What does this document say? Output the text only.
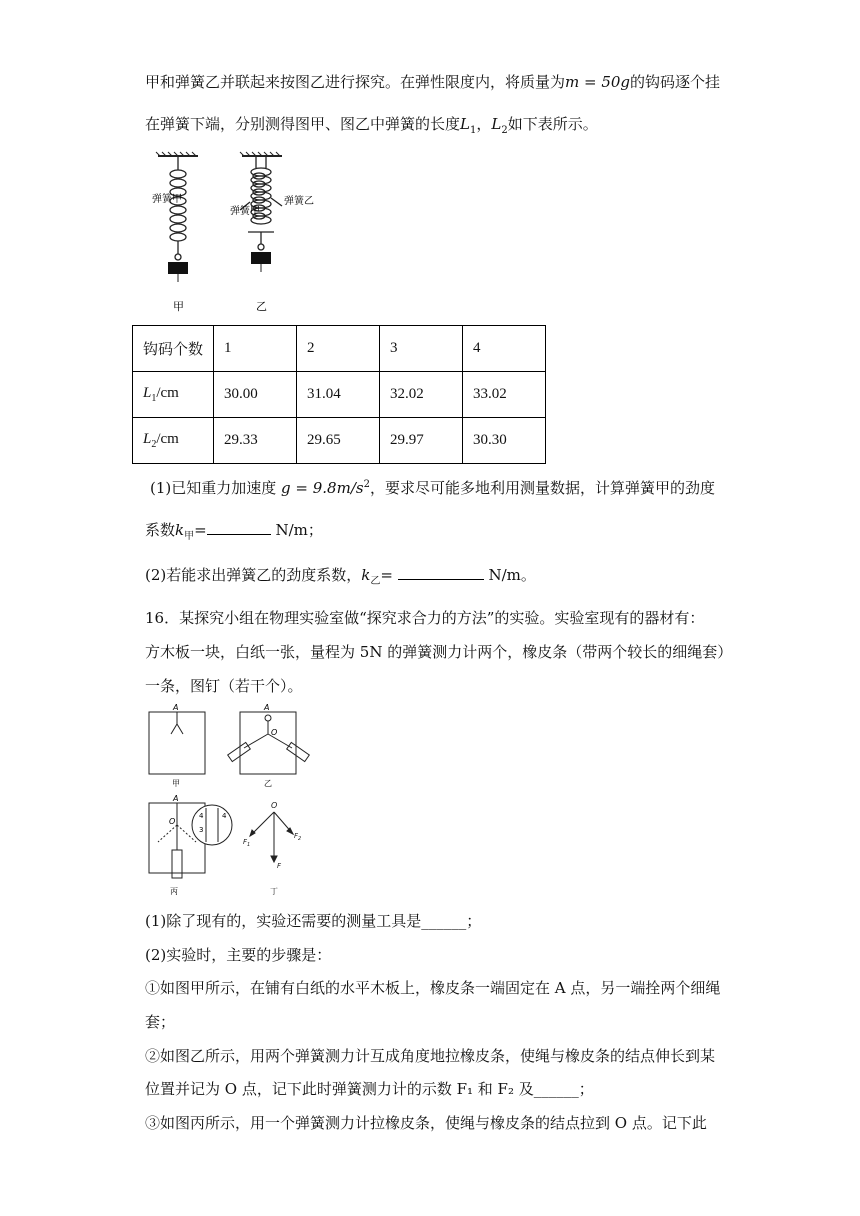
甲和弹簧乙并联起来按图乙进行探究。在弹性限度内，将质量为m = 50g的钩码逐个挂
在弹簧下端，分别测得图甲、图乙中弹簧的长度$L_1$，$L_2$如下表所示。
弹簧甲
弹簧甲
弹簧乙
甲	乙
钩码个数	1	2	3	4
$L_1/cm$	30.00	31.04	32.02	33.02
$L_2/cm$	29.33	29.65	29.97	30.30
(1)已知重力加速度 $g = 9.8m/s^2$，要求尽可能多地利用测量数据，计算弹簧甲的劲度
系数$k_甲=$	N/m；
(2)若能求出弹簧乙的劲度系数，$k_乙=$	N/m。
16．某探究小组在物理实验室做“探究求合力的方法”的实验。实验室现有的器材有：
方木板一块，白纸一张，量程为 5N 的弹簧测力计两个，橡皮条（带两个较长的细绳套）
一条，图钉（若干个）。
A
甲
A
O
乙
4	4
3
A
O
丙
O
$F_1$
$F_2$
F
丁
(1)除了现有的，实验还需要的测量工具是______；
(2)实验时，主要的步骤是：
①如图甲所示，在铺有白纸的水平木板上，橡皮条一端固定在 A 点，另一端拴两个细绳
套；
②如图乙所示，用两个弹簧测力计互成角度地拉橡皮条，使绳与橡皮条的结点伸长到某
位置并记为 O 点，记下此时弹簧测力计的示数 F₁ 和 F₂ 及______；
③如图丙所示，用一个弹簧测力计拉橡皮条，使绳与橡皮条的结点拉到 O 点。记下此
